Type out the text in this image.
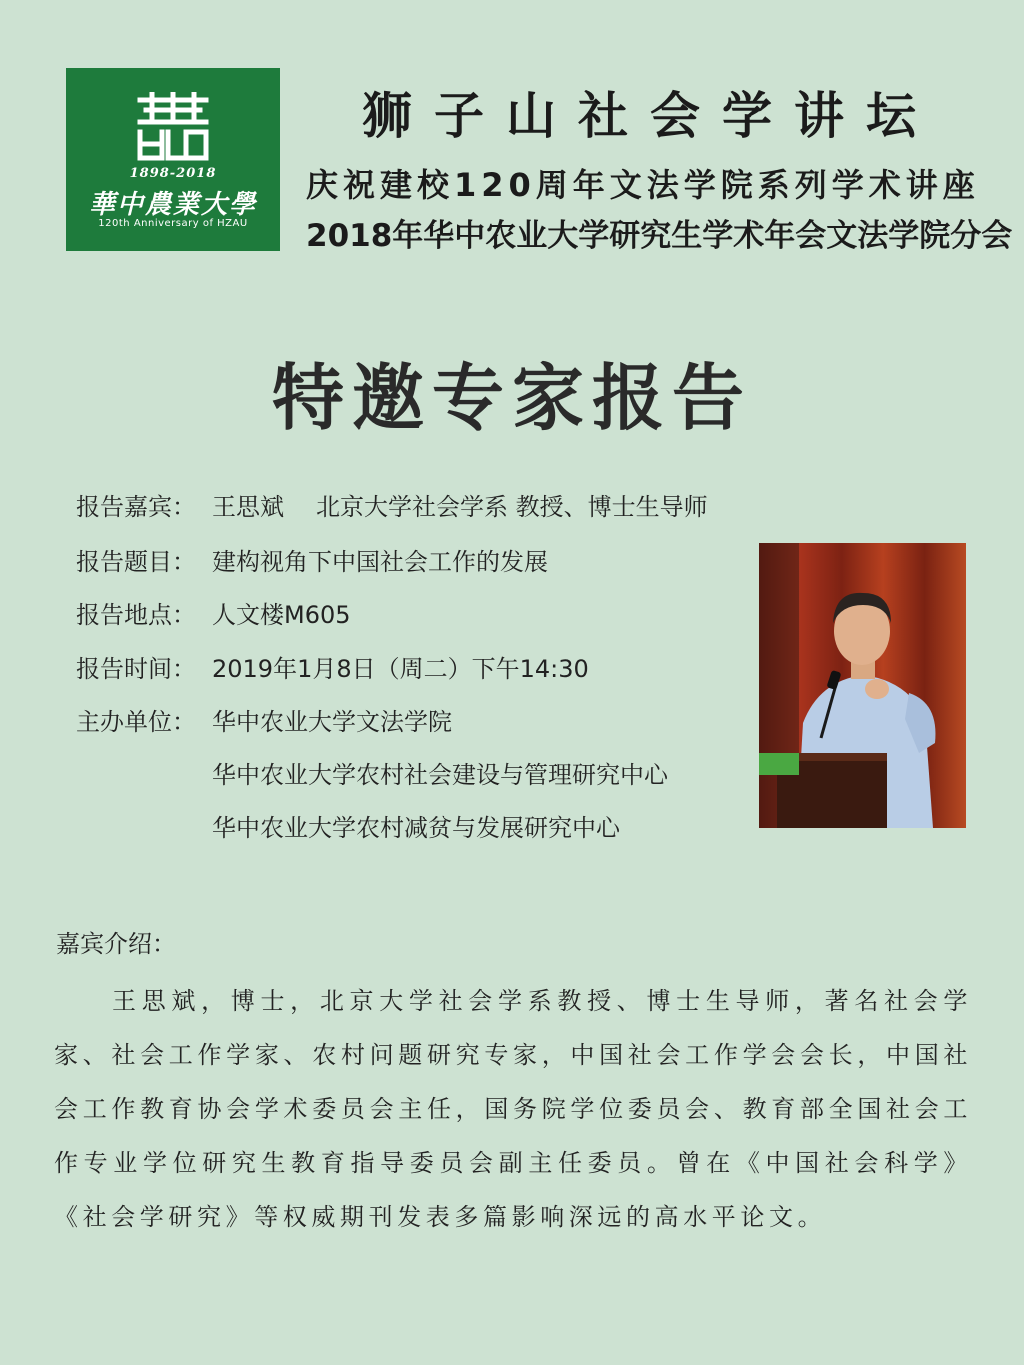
1898-2018
華中農業大學
120th Anniversary of HZAU
狮子山社会学讲坛
庆祝建校120周年文法学院系列学术讲座
2018年华中农业大学研究生学术年会文法学院分会
特邀专家报告
报告嘉宾： 王思斌 北京大学社会学系 教授、博士生导师
报告题目： 建构视角下中国社会工作的发展
报告地点： 人文楼M605
报告时间： 2019年1月8日（周二）下午14:30
主办单位： 华中农业大学文法学院
华中农业大学农村社会建设与管理研究中心
华中农业大学农村减贫与发展研究中心
嘉宾介绍：
王思斌，博士，北京大学社会学系教授、博士生导师，著名社会学家、社会工作学家、农村问题研究专家，中国社会工作学会会长，中国社会工作教育协会学术委员会主任，国务院学位委员会、教育部全国社会工作专业学位研究生教育指导委员会副主任委员。曾在《中国社会科学》《社会学研究》等权威期刊发表多篇影响深远的高水平论文。
